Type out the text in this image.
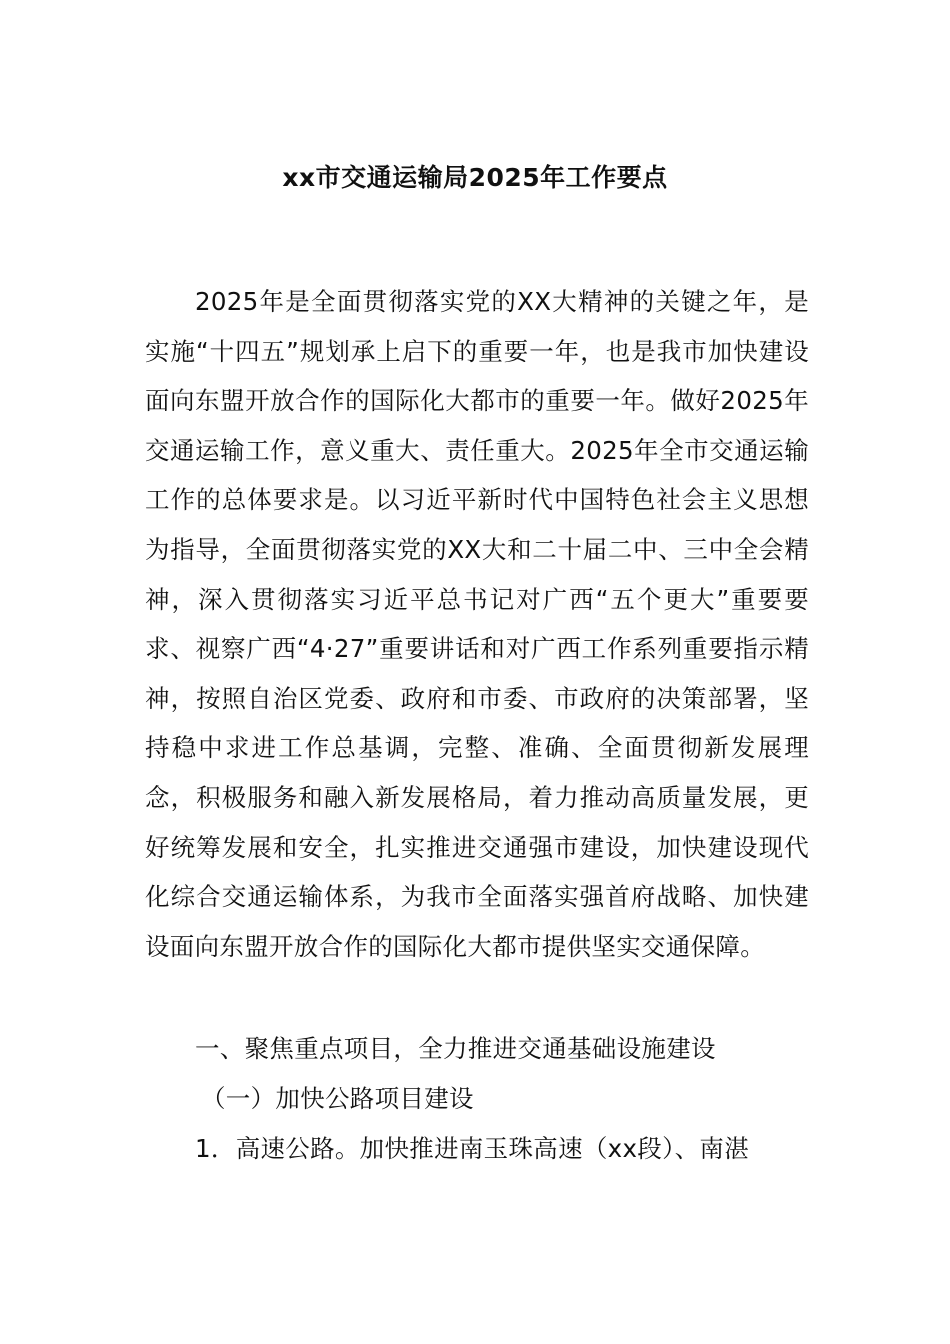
xx市交通运输局2025年工作要点

2025年是全面贯彻落实党的XX大精神的关键之年，是实施“十四五”规划承上启下的重要一年，也是我市加快建设面向东盟开放合作的国际化大都市的重要一年。做好2025年交通运输工作，意义重大、责任重大。2025年全市交通运输工作的总体要求是。以习近平新时代中国特色社会主义思想为指导，全面贯彻落实党的XX大和二十届二中、三中全会精神，深入贯彻落实习近平总书记对广西“五个更大”重要要求、视察广西“4·27”重要讲话和对广西工作系列重要指示精神，按照自治区党委、政府和市委、市政府的决策部署，坚持稳中求进工作总基调，完整、准确、全面贯彻新发展理念，积极服务和融入新发展格局，着力推动高质量发展，更好统筹发展和安全，扎实推进交通强市建设，加快建设现代化综合交通运输体系，为我市全面落实强首府战略、加快建设面向东盟开放合作的国际化大都市提供坚实交通保障。

一、聚焦重点项目，全力推进交通基础设施建设

（一）加快公路项目建设

1．高速公路。加快推进南玉珠高速（xx段）、南湛
